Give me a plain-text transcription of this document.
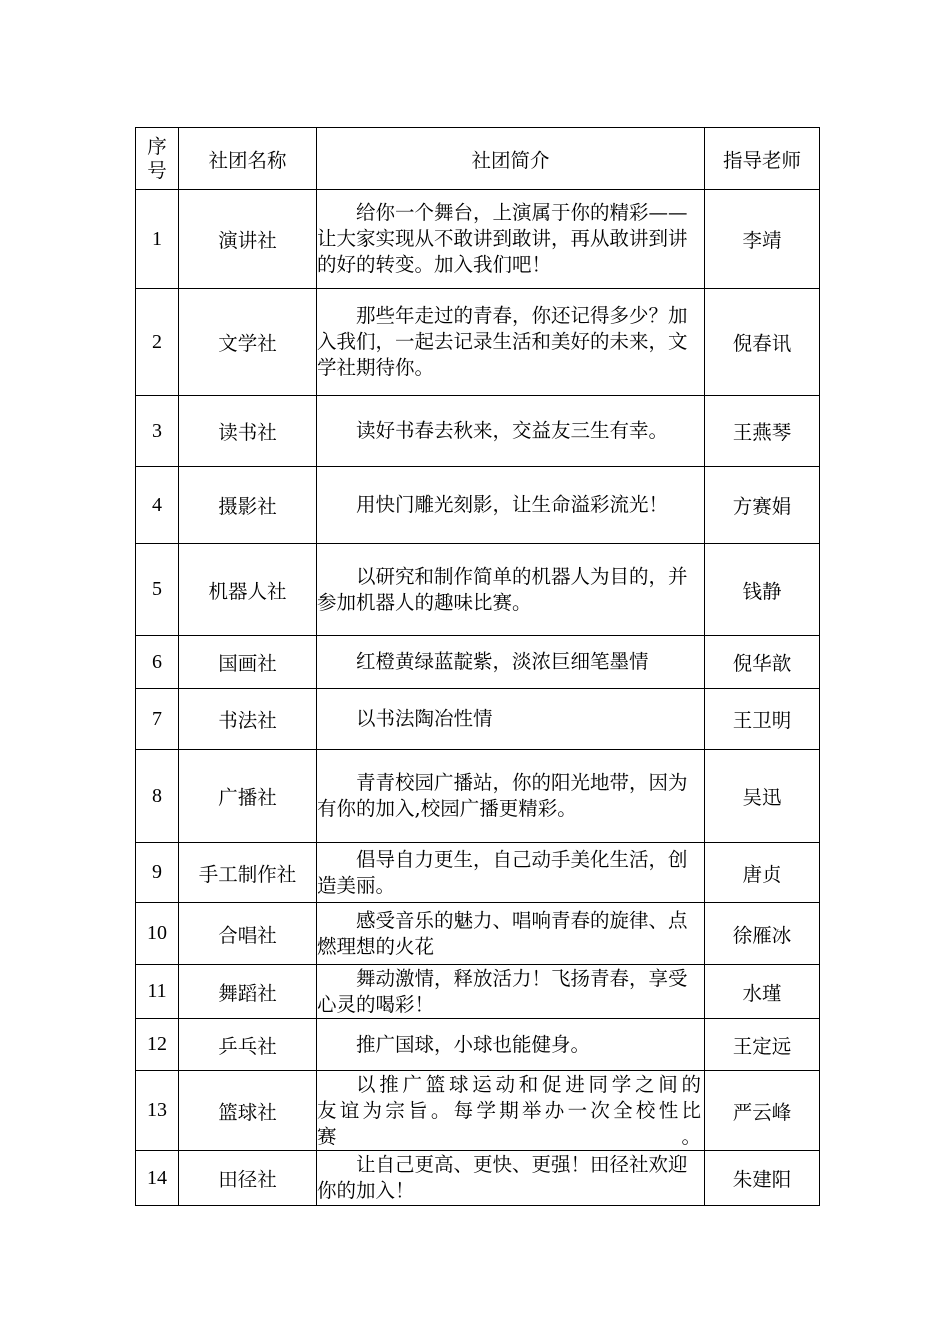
序
号	社团名称	社团简介	指导老师
1	演讲社	给你一个舞台，上演属于你的精彩——让大家实现从不敢讲到敢讲，再从敢讲到讲的好的转变。加入我们吧！	李靖
2	文学社	那些年走过的青春，你还记得多少？加入我们，一起去记录生活和美好的未来，文学社期待你。	倪春讯
3	读书社	读好书春去秋来，交益友三生有幸。	王燕琴
4	摄影社	用快门雕光刻影，让生命溢彩流光！	方赛娟
5	机器人社	以研究和制作简单的机器人为目的，并参加机器人的趣味比赛。	钱静
6	国画社	红橙黄绿蓝靛紫，淡浓巨细笔墨情	倪华歆
7	书法社	以书法陶冶性情	王卫明
8	广播社	青青校园广播站，你的阳光地带，因为有你的加入,校园广播更精彩。	吴迅
9	手工制作社	倡导自力更生，自己动手美化生活，创造美丽。	唐贞
10	合唱社	感受音乐的魅力、唱响青春的旋律、点燃理想的火花	徐雁冰
11	舞蹈社	舞动激情，释放活力！飞扬青春，享受心灵的喝彩！	水瑾
12	乒乓社	推广国球，小球也能健身。	王定远
13	篮球社	以推广篮球运动和促进同学之间的友谊为宗旨。每学期举办一次全校性比赛。	严云峰
14	田径社	让自己更高、更快、更强！田径社欢迎你的加入！	朱建阳
